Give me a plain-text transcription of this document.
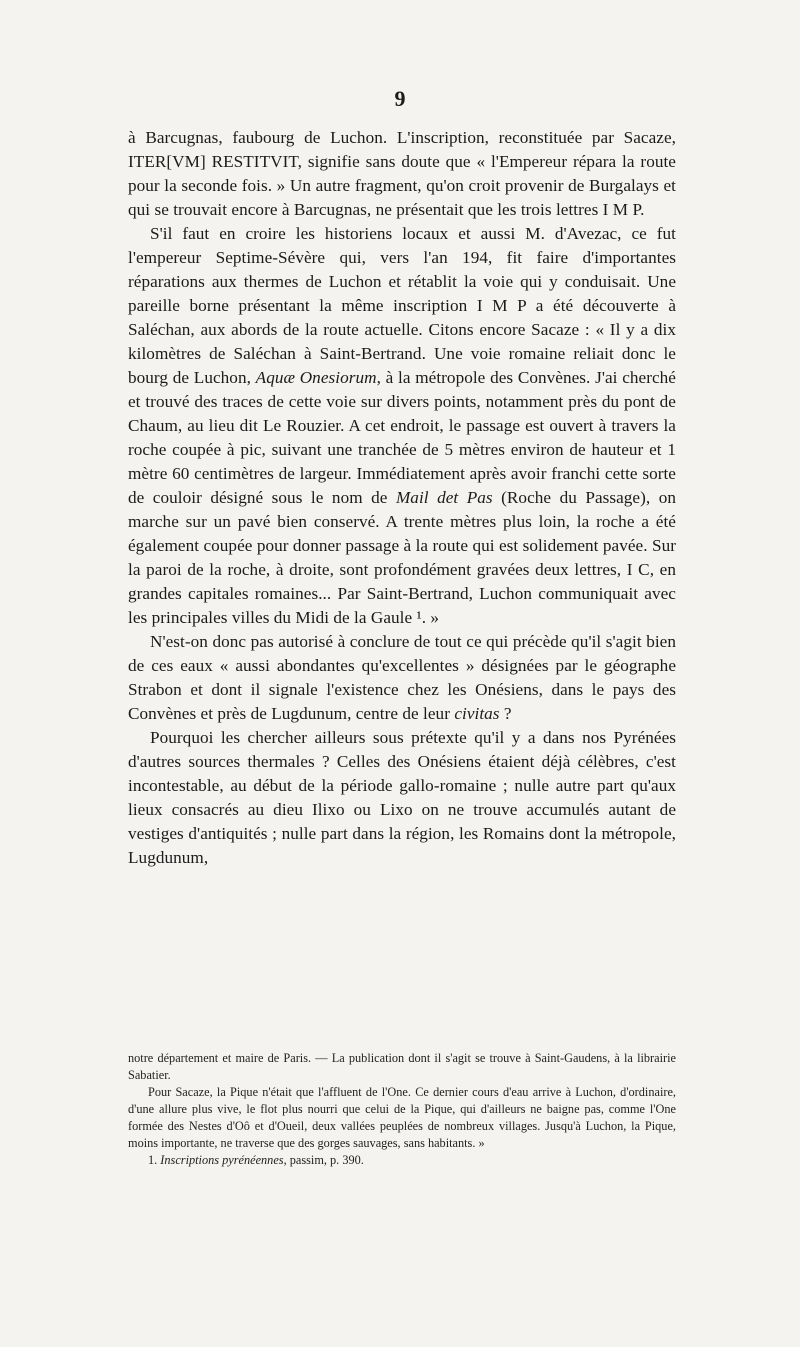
9

à Barcugnas, faubourg de Luchon. L'inscription, reconstituée par Sacaze, ITER[VM] RESTITVIT, signifie sans doute que « l'Empereur répara la route pour la seconde fois. » Un autre fragment, qu'on croit provenir de Burgalays et qui se trouvait encore à Barcugnas, ne présentait que les trois lettres I M P.

S'il faut en croire les historiens locaux et aussi M. d'Avezac, ce fut l'empereur Septime-Sévère qui, vers l'an 194, fit faire d'importantes réparations aux thermes de Luchon et rétablit la voie qui y conduisait. Une pareille borne présentant la même inscription I M P a été découverte à Saléchan, aux abords de la route actuelle. Citons encore Sacaze : « Il y a dix kilomètres de Saléchan à Saint-Bertrand. Une voie romaine reliait donc le bourg de Luchon, Aquæ Onesiorum, à la métropole des Convènes. J'ai cherché et trouvé des traces de cette voie sur divers points, notamment près du pont de Chaum, au lieu dit Le Rouzier. A cet endroit, le passage est ouvert à travers la roche coupée à pic, suivant une tranchée de 5 mètres environ de hauteur et 1 mètre 60 centimètres de largeur. Immédiatement après avoir franchi cette sorte de couloir désigné sous le nom de Mail det Pas (Roche du Passage), on marche sur un pavé bien conservé. A trente mètres plus loin, la roche a été également coupée pour donner passage à la route qui est solidement pavée. Sur la paroi de la roche, à droite, sont profondément gravées deux lettres, I C, en grandes capitales romaines... Par Saint-Bertrand, Luchon communiquait avec les principales villes du Midi de la Gaule ¹. »

N'est-on donc pas autorisé à conclure de tout ce qui précède qu'il s'agit bien de ces eaux « aussi abondantes qu'excellentes » désignées par le géographe Strabon et dont il signale l'existence chez les Onésiens, dans le pays des Convènes et près de Lugdunum, centre de leur civitas ?

Pourquoi les chercher ailleurs sous prétexte qu'il y a dans nos Pyrénées d'autres sources thermales ? Celles des Onésiens étaient déjà célèbres, c'est incontestable, au début de la période gallo-romaine ; nulle autre part qu'aux lieux consacrés au dieu Ilixo ou Lixo on ne trouve accumulés autant de vestiges d'antiquités ; nulle part dans la région, les Romains dont la métropole, Lugdunum,

notre département et maire de Paris. — La publication dont il s'agit se trouve à Saint-Gaudens, à la librairie Sabatier.

Pour Sacaze, la Pique n'était que l'affluent de l'One. Ce dernier cours d'eau arrive à Luchon, d'ordinaire, d'une allure plus vive, le flot plus nourri que celui de la Pique, qui d'ailleurs ne baigne pas, comme l'One formée des Nestes d'Oô et d'Oueil, deux vallées peuplées de nombreux villages. Jusqu'à Luchon, la Pique, moins importante, ne traverse que des gorges sauvages, sans habitants. »

1. Inscriptions pyrénéennes, passim, p. 390.
